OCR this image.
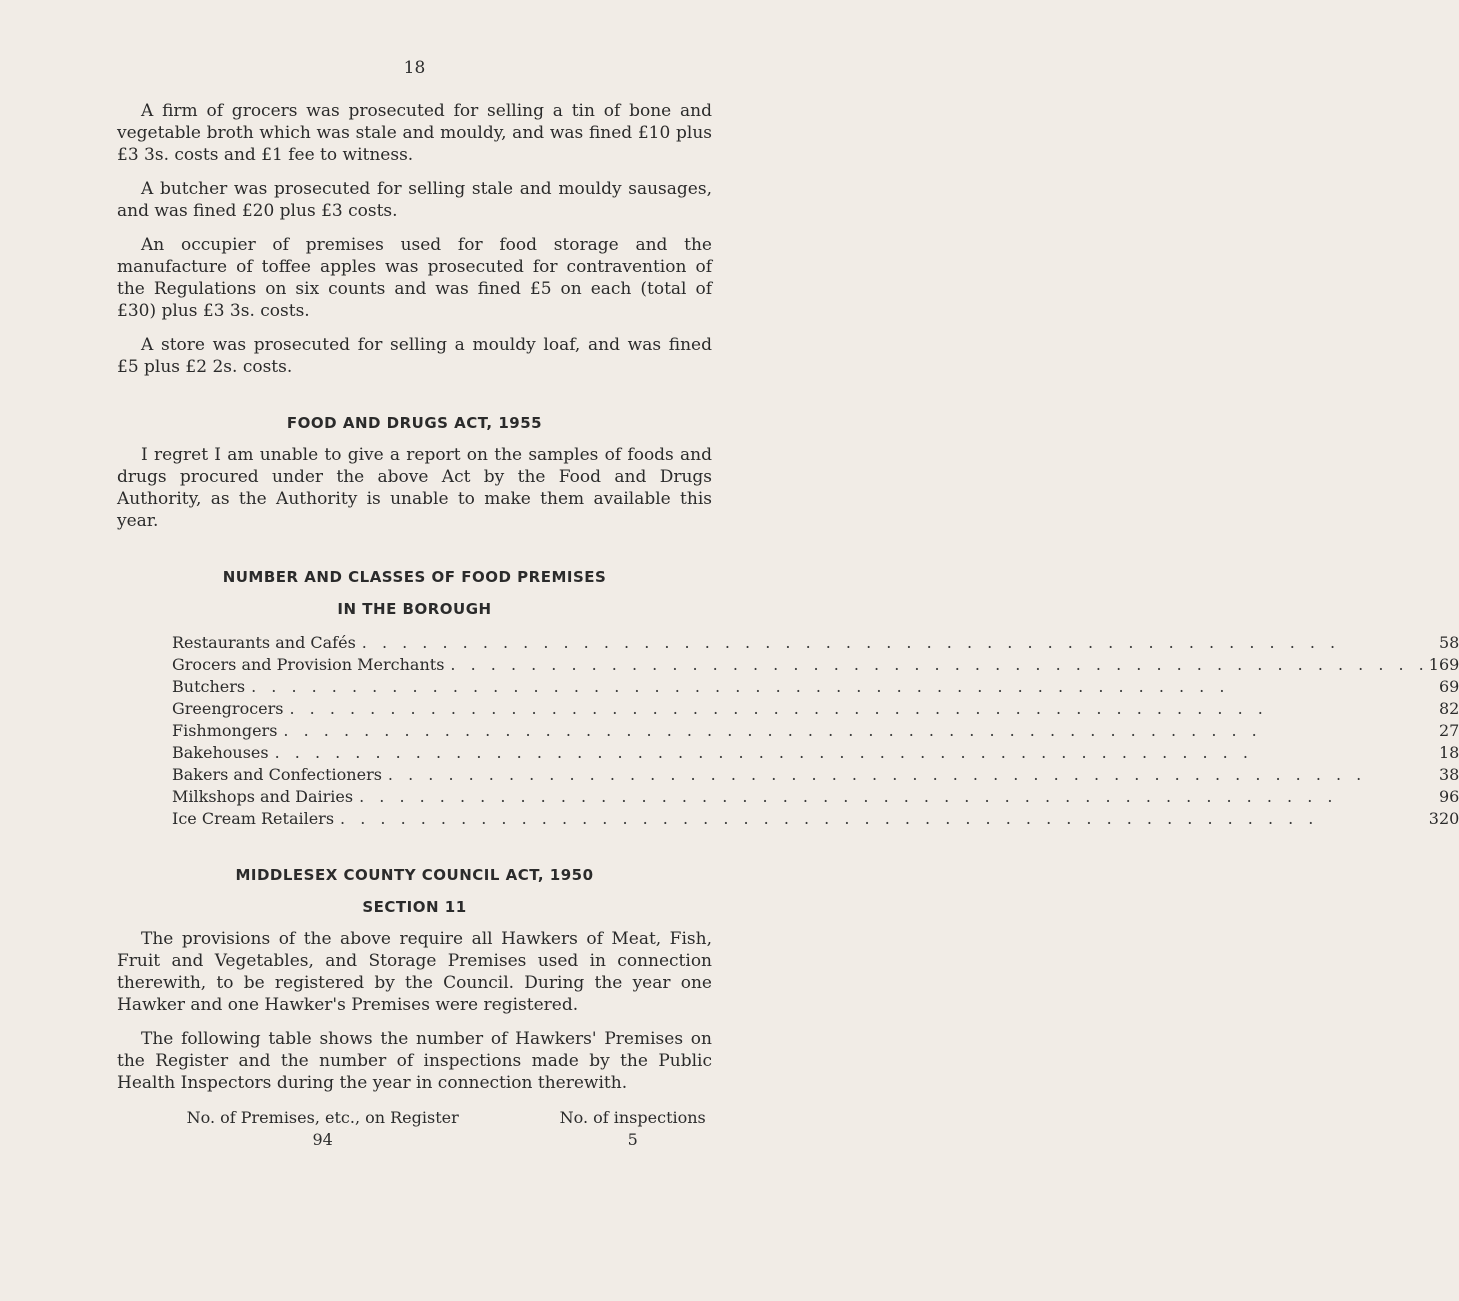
18

A firm of grocers was prosecuted for selling a tin of bone and vegetable broth which was stale and mouldy, and was fined £10 plus £3 3s. costs and £1 fee to witness.

A butcher was prosecuted for selling stale and mouldy sausages, and was fined £20 plus £3 costs.

An occupier of premises used for food storage and the manufacture of toffee apples was prosecuted for contravention of the Regulations on six counts and was fined £5 on each (total of £30) plus £3 3s. costs.

A store was prosecuted for selling a mouldy loaf, and was fined £5 plus £2 2s. costs.

FOOD AND DRUGS ACT, 1955

I regret I am unable to give a report on the samples of foods and drugs procured under the above Act by the Food and Drugs Authority, as the Authority is unable to make them available this year.

NUMBER AND CLASSES OF FOOD PREMISES
IN THE BOROUGH
Restaurants and Cafés
. . .	58

Grocers and Provision Merchants
. . .	169

Butchers
. . .	69

Greengrocers
. . .	82

Fishmongers
. . .	27

Bakehouses
. . .	18

Bakers and Confectioners
. . .	38

Milkshops and Dairies
. . .	96

Ice Cream Retailers
. . .	320
MIDDLESEX COUNTY COUNCIL ACT, 1950
SECTION 11

The provisions of the above require all Hawkers of Meat, Fish, Fruit and Vegetables, and Storage Premises used in connection therewith, to be registered by the Council. During the year one Hawker and one Hawker's Premises were registered.

The following table shows the number of Hawkers' Premises on the Register and the number of inspections made by the Public Health Inspectors during the year in connection therewith.

No. of Premises, etc., on Register	No. of inspections
94	5
